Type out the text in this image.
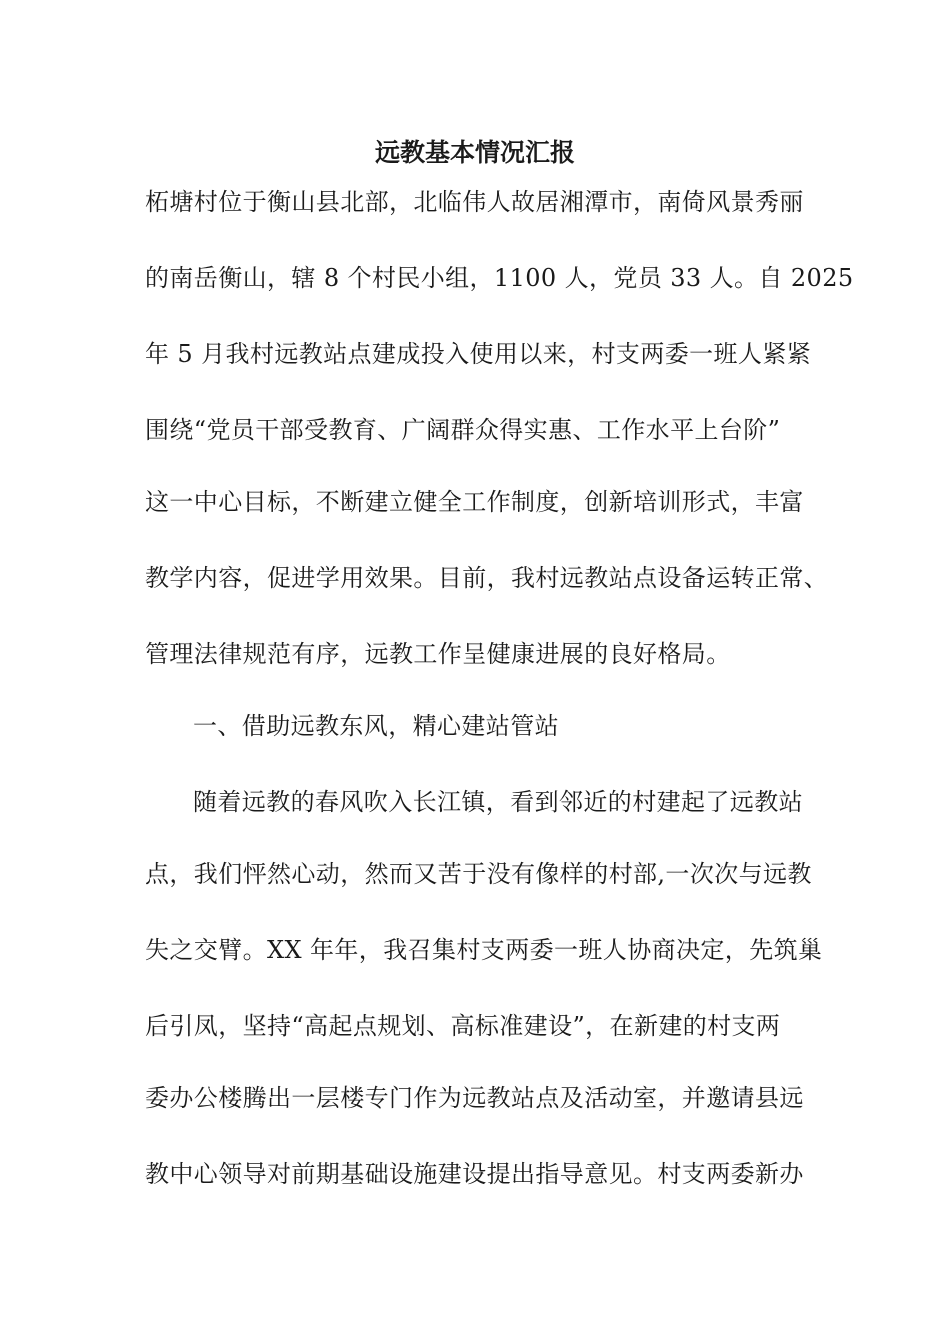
远教基本情况汇报
柘塘村位于衡山县北部，北临伟人故居湘潭市，南倚风景秀丽
的南岳衡山，辖 8 个村民小组，1100 人，党员 33 人。自 2025
年 5 月我村远教站点建成投入使用以来，村支两委一班人紧紧
围绕“党员干部受教育、广阔群众得实惠、工作水平上台阶”
这一中心目标，不断建立健全工作制度，创新培训形式，丰富
教学内容，促进学用效果。目前，我村远教站点设备运转正常、
管理法律规范有序，远教工作呈健康进展的良好格局。
一、借助远教东风，精心建站管站
随着远教的春风吹入长江镇，看到邻近的村建起了远教站
点，我们怦然心动，然而又苦于没有像样的村部,一次次与远教
失之交臂。XX 年年，我召集村支两委一班人协商决定，先筑巢
后引凤，坚持“高起点规划、高标准建设”，在新建的村支两
委办公楼腾出一层楼专门作为远教站点及活动室，并邀请县远
教中心领导对前期基础设施建设提出指导意见。村支两委新办
